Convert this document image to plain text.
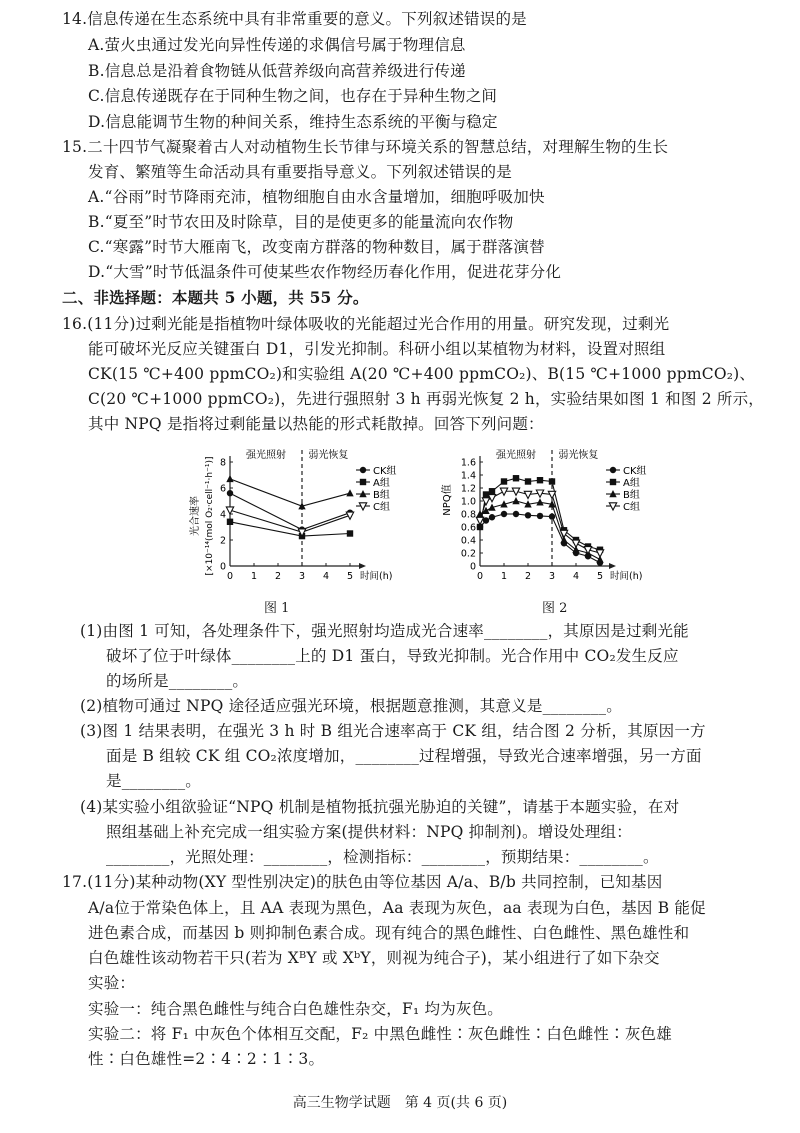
14.信息传递在生态系统中具有非常重要的意义。下列叙述错误的是
A.萤火虫通过发光向异性传递的求偶信号属于物理信息
B.信息总是沿着食物链从低营养级向高营养级进行传递
C.信息传递既存在于同种生物之间，也存在于异种生物之间
D.信息能调节生物的种间关系，维持生态系统的平衡与稳定
15.二十四节气凝聚着古人对动植物生长节律与环境关系的智慧总结，对理解生物的生长
发育、繁殖等生命活动具有重要指导意义。下列叙述错误的是
A.“谷雨”时节降雨充沛，植物细胞自由水含量增加，细胞呼吸加快
B.“夏至”时节农田及时除草，目的是使更多的能量流向农作物
C.“寒露”时节大雁南飞，改变南方群落的物种数目，属于群落演替
D.“大雪”时节低温条件可使某些农作物经历春化作用，促进花芽分化
二、非选择题：本题共 5 小题，共 55 分。
16.(11分)过剩光能是指植物叶绿体吸收的光能超过光合作用的用量。研究发现，过剩光
能可破坏光反应关键蛋白 D1，引发光抑制。科研小组以某植物为材料，设置对照组
CK(15 ℃+400 ppmCO₂)和实验组 A(20 ℃+400 ppmCO₂)、B(15 ℃+1000 ppmCO₂)、
C(20 ℃+1000 ppmCO₂)，先进行强照射 3 h 再弱光恢复 2 h，实验结果如图 1 和图 2 所示，
其中 NPQ 是指将过剩能量以热能的形式耗散掉。回答下列问题：
0
2
4
6
8
0 1 2 3 4 5 时间(h)
强光照射 弱光恢复
CK组
A组
B组
C组
光合速率 [×10⁻¹⁴(mol O₂·cell⁻¹·h⁻¹)]
图 1
0
0.2
0.4
0.6
0.8
1.0
1.2
1.4
1.6
0 1 2 3 4 5 时间(h)
强光照射 弱光恢复
CK组
A组
B组
C组
NPQ值
图 2
(1)由图 1 可知，各处理条件下，强光照射均造成光合速率________，其原因是过剩光能
破坏了位于叶绿体________上的 D1 蛋白，导致光抑制。光合作用中 CO₂发生反应
的场所是________。
(2)植物可通过 NPQ 途径适应强光环境，根据题意推测，其意义是________。
(3)图 1 结果表明，在强光 3 h 时 B 组光合速率高于 CK 组，结合图 2 分析，其原因一方
面是 B 组较 CK 组 CO₂浓度增加，________过程增强，导致光合速率增强，另一方面
是________。
(4)某实验小组欲验证“NPQ 机制是植物抵抗强光胁迫的关键”，请基于本题实验，在对
照组基础上补充完成一组实验方案(提供材料：NPQ 抑制剂)。增设处理组：
________，光照处理：________，检测指标：________，预期结果：________。
17.(11分)某种动物(XY 型性别决定)的肤色由等位基因 A/a、B/b 共同控制，已知基因
A/a位于常染色体上，且 AA 表现为黑色，Aa 表现为灰色，aa 表现为白色，基因 B 能促
进色素合成，而基因 b 则抑制色素合成。现有纯合的黑色雌性、白色雌性、黑色雄性和
白色雄性该动物若干只(若为 XᴮY 或 XᵇY，则视为纯合子)，某小组进行了如下杂交
实验：
实验一：纯合黑色雌性与纯合白色雄性杂交，F₁ 均为灰色。
实验二：将 F₁ 中灰色个体相互交配，F₂ 中黑色雌性∶灰色雌性∶白色雌性∶灰色雄
性∶白色雄性=2∶4∶2∶1∶3。
高三生物学试题　第 4 页(共 6 页)
